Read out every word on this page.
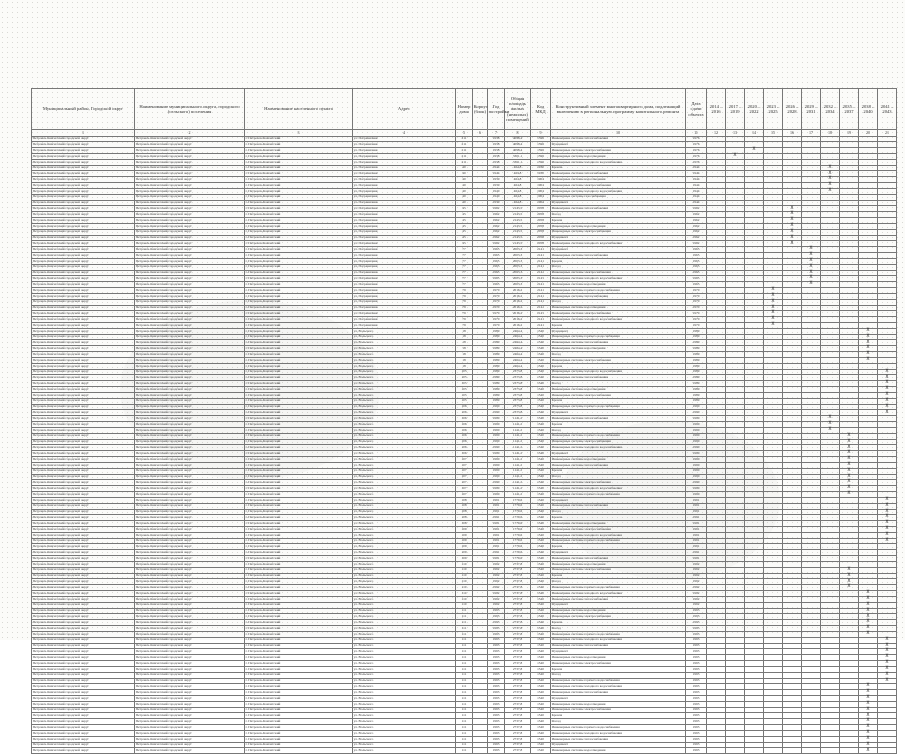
Муниципальный район, Городской округ	Наименование муниципального округа, городского (сельского) поселения	Наименование населенного пункта	Адрес	Номер дома	Корпус (блок)	Год постройки	Общая площадь жилых (нежилых) помещений	Код МКД	Конструктивный элемент многоквартирного дома, подлежащий включению в региональную программу капитального ремонта	Дата сдачи объекта	2014 – 2016	2017 – 2019	2020 – 2022	2023 – 2025	2026 – 2028	2029 – 2031	2032 – 2034	2035 – 2037	2038 – 2040	2041 – 2043
1	2	3	4	5	6	7	8	9	10	11	12	13	14	15	16	17	18	19	20	21
Петровск-Камчатский городской округ	Петровск-Камчатский городской округ	г. Петровск-Камчатский	ул. Пограничная	211		1938	4098,4	1596	Инженерные системы теплоснабжения	1976										
Петровск-Камчатский городской округ	Петровск-Камчатский городской округ	г. Петровск-Камчатский	ул. Пограничная	211		1938	4098,4	1596	Фундамент	1976										
Петровск-Камчатский городской округ	Петровск-Камчатский городской округ	г. Петровск-Камчатский	ул. Пограничная	211		1938	4098,4	1596	Инженерные системы электроснабжения	1976			X							
Петровск-Камчатский городской округ	Петровск-Камчатский городской округ	г. Петровск-Камчатский	ул. Пограничная	211		1938	3301,1	1596	Инженерные системы водоотведения	1976		X								
Петровск-Камчатский городской округ	Петровск-Камчатский городской округ	г. Петровск-Камчатский	ул. Пограничная	211		1938	3301,1	1596	Инженерные системы холодного водоснабжения	1976										
Петровск-Камчатский городской округ	Петровск-Камчатский городской округ	г. Петровск-Камчатский	ул. Пограничная	40		1944	464,8	1930	Кровля	1944							X			
Петровск-Камчатский городской округ	Петровск-Камчатский городской округ	г. Петровск-Камчатский	ул. Пограничная	40		1944	464,8	1930	Инженерные системы теплоснабжения	1944							X			
Петровск-Камчатский городской округ	Петровск-Камчатский городской округ	г. Петровск-Камчатский	ул. Пограничная	40		1939	464,8	1904	Инженерные системы водоотведения	1944							X			
Петровск-Камчатский городской округ	Петровск-Камчатский городской округ	г. Петровск-Камчатский	ул. Пограничная	40		1939	464,8	1904	Инженерные системы электроснабжения	1944							X			
Петровск-Камчатский городской округ	Петровск-Камчатский городской округ	г. Петровск-Камчатский	ул. Пограничная	40		1940	464,8	1904	Инженерные системы холодного водоснабжения	1944							X			
Петровск-Камчатский городской округ	Петровск-Камчатский городской округ	г. Петровск-Камчатский	ул. Пограничная	40		1940	464,8	1904	Инженерные системы газоснабжения	1944										
Петровск-Камчатский городской округ	Петровск-Камчатский городской округ	г. Петровск-Камчатский	ул. Пограничная	40		1939	464,8	1904	Фундамент	1944										
Петровск-Камчатский городской округ	Петровск-Камчатский городской округ	г. Петровск-Камчатский	ул. Пограничная	45		1962	2143,5	2058	Инженерные системы теплоснабжения	1962					X					
Петровск-Камчатский городской округ	Петровск-Камчатский городской округ	г. Петровск-Камчатский	ул. Пограничная	45		1962	2143,5	2058	Фасад	1962					X					
Петровск-Камчатский городской округ	Петровск-Камчатский городской округ	г. Петровск-Камчатский	ул. Пограничная	45		1962	2143,5	2058	Кровля	1962					X					
Петровск-Камчатский городской округ	Петровск-Камчатский городской округ	г. Петровск-Камчатский	ул. Пограничная	45		1962	2143,5	2058	Инженерные системы водоотведения	1962					X					
Петровск-Камчатский городской округ	Петровск-Камчатский городской округ	г. Петровск-Камчатский	ул. Пограничная	45		1962	2143,5	2058	Инженерные системы электроснабжения	1962					X					
Петровск-Камчатский городской округ	Петровск-Камчатский городской округ	г. Петровск-Камчатский	ул. Пограничная	45		1962	2143,5	2058	Фундамент	1962					X					
Петровск-Камчатский городской округ	Петровск-Камчатский городской округ	г. Петровск-Камчатский	ул. Пограничная	45		1962	2143,5	2058	Инженерные системы холодного водоснабжения	1962					X					
Петровск-Камчатский городской округ	Петровск-Камчатский городской округ	г. Петровск-Камчатский	ул. Пограничная	77		1965	2003,3	2141	Фундамент	1965						X				
Петровск-Камчатский городской округ	Петровск-Камчатский городской округ	г. Петровск-Камчатский	ул. Пограничная	77		1965	2003,3	2141	Инженерные системы теплоснабжения	1965						X				
Петровск-Камчатский городской округ	Петровск-Камчатский городской округ	г. Петровск-Камчатский	ул. Пограничная	77		1965	2003,3	2141	Кровля	1965						X				
Петровск-Камчатский городской округ	Петровск-Камчатский городской округ	г. Петровск-Камчатский	ул. Пограничная	77		1965	2003,3	2141	Фасад	1965						X				
Петровск-Камчатский городской округ	Петровск-Камчатский городской округ	г. Петровск-Камчатский	ул. Пограничная	77		1965	2003,3	2141	Инженерные системы электроснабжения	1965						X				
Петровск-Камчатский городской округ	Петровск-Камчатский городской округ	г. Петровск-Камчатский	ул. Пограничная	77		1965	2003,3	2141	Инженерные системы холодного водоснабжения	1965						X				
Петровск-Камчатский городской округ	Петровск-Камчатский городской округ	г. Петровск-Камчатский	ул. Пограничная	77		1965	2003,3	2141	Инженерные системы водоотведения	1965						X				
Петровск-Камчатский городской округ	Петровск-Камчатский городской округ	г. Петровск-Камчатский	ул. Пограничная	79		1970	2016,2	2141	Инженерные системы горячего водоснабжения	1970				X						
Петровск-Камчатский городской округ	Петровск-Камчатский городской округ	г. Петровск-Камчатский	ул. Пограничная	79		1970	2016,2	2141	Инженерные системы теплоснабжения	1970				X						
Петровск-Камчатский городской округ	Петровск-Камчатский городской округ	г. Петровск-Камчатский	ул. Пограничная	79		1970	2016,2	2141	Фасад	1970				X						
Петровск-Камчатский городской округ	Петровск-Камчатский городской округ	г. Петровск-Камчатский	ул. Пограничная	79		1970	2016,2	2141	Инженерные системы водоотведения	1970				X						
Петровск-Камчатский городской округ	Петровск-Камчатский городской округ	г. Петровск-Камчатский	ул. Пограничная	79		1970	2016,2	2141	Инженерные системы электроснабжения	1970				X						
Петровск-Камчатский городской округ	Петровск-Камчатский городской округ	г. Петровск-Камчатский	ул. Пограничная	79		1970	2016,2	2141	Инженерные системы холодного водоснабжения	1970				X						
Петровск-Камчатский городской округ	Петровск-Камчатский городской округ	г. Петровск-Камчатский	ул. Пограничная	79		1970	2016,2	2141	Кровля	1970				X						
Петровск-Камчатский городской округ	Петровск-Камчатский городской округ	г. Петровск-Камчатский	ул. Вольского	18		1989	2464,4	1540	Фундамент	1989									X	
Петровск-Камчатский городской округ	Петровск-Камчатский городской округ	г. Петровск-Камчатский	ул. Вольского	18		1989	2464,4	1540	Инженерные системы горячего водоснабжения	1989									X	
Петровск-Камчатский городской округ	Петровск-Камчатский городской округ	г. Петровск-Камчатский	ул. Вольского	18		1989	2464,4	1540	Инженерные системы теплоснабжения	1989									X	
Петровск-Камчатский городской округ	Петровск-Камчатский городской округ	г. Петровск-Камчатский	ул. Вольского	18		1989	2464,4	1540	Инженерные системы водоотведения	1989									X	
Петровск-Камчатский городской округ	Петровск-Камчатский городской округ	г. Петровск-Камчатский	ул. Вольского	18		1989	2464,4	1540	Фасад	1989									X	
Петровск-Камчатский городской округ	Петровск-Камчатский городской округ	г. Петровск-Камчатский	ул. Вольского	18		1989	2464,4	1540	Инженерные системы электроснабжения	1989									X	
Петровск-Камчатский городской округ	Петровск-Камчатский городской округ	г. Петровск-Камчатский	ул. Вольского	18		1989	2464,4	1540	Кровля	1989										
Петровск-Камчатский городской округ	Петровск-Камчатский городской округ	г. Петровск-Камчатский	ул. Вольского	105		1989	2373,8	1540	Инженерные системы холодного водоснабжения	1989										X
Петровск-Камчатский городской округ	Петровск-Камчатский городской округ	г. Петровск-Камчатский	ул. Вольского	105		1989	2373,8	1540	Инженерные системы теплоснабжения	1989										X
Петровск-Камчатский городской округ	Петровск-Камчатский городской округ	г. Петровск-Камчатский	ул. Вольского	105		1989	2373,8	1540	Фасад	1989										X
Петровск-Камчатский городской округ	Петровск-Камчатский городской округ	г. Петровск-Камчатский	ул. Вольского	105		1989	2373,8	1540	Инженерные системы водоотведения	1989										X
Петровск-Камчатский городской округ	Петровск-Камчатский городской округ	г. Петровск-Камчатский	ул. Вольского	105		1989	2373,8	1540	Инженерные системы электроснабжения	1989										X
Петровск-Камчатский городской округ	Петровск-Камчатский городской округ	г. Петровск-Камчатский	ул. Вольского	105		1989	2373,8	1540	Кровля	1989										X
Петровск-Камчатский городской округ	Петровск-Камчатский городской округ	г. Петровск-Камчатский	ул. Вольского	106		1990	2373,8	1540	Инженерные системы горячего водоснабжения	1990										X
Петровск-Камчатский городской округ	Петровск-Камчатский городской округ	г. Петровск-Камчатский	ул. Вольского	106		1990	2373,8	1540	Фундамент	1990										X
Петровск-Камчатский городской округ	Петровск-Камчатский городской округ	г. Петровск-Камчатский	ул. Вольского	106		1990	1141,2	1540	Инженерные системы теплоснабжения	1990							X			
Петровск-Камчатский городской округ	Петровск-Камчатский городской округ	г. Петровск-Камчатский	ул. Вольского	106		1990	1141,2	1540	Кровля	1990							X			
Петровск-Камчатский городской округ	Петровск-Камчатский городской округ	г. Петровск-Камчатский	ул. Вольского	106		1990	1141,2	1540	Фасад	1990							X			
Петровск-Камчатский городской округ	Петровск-Камчатский городской округ	г. Петровск-Камчатский	ул. Вольского	106		1990	1141,2	1540	Инженерные системы горячего водоснабжения	1990								X		
Петровск-Камчатский городской округ	Петровск-Камчатский городской округ	г. Петровск-Камчатский	ул. Вольского	106		1990	1141,2	1540	Инженерные системы электроснабжения	1990								X		
Петровск-Камчатский городской округ	Петровск-Камчатский городской округ	г. Петровск-Камчатский	ул. Вольского	106		1990	1141,2	1540	Инженерные системы холодного водоснабжения	1990								X		
Петровск-Камчатский городской округ	Петровск-Камчатский городской округ	г. Петровск-Камчатский	ул. Вольского	106		1990	1141,2	1540	Фундамент	1990								X		
Петровск-Камчатский городской округ	Петровск-Камчатский городской округ	г. Петровск-Камчатский	ул. Вольского	107		1990	1141,2	1540	Инженерные системы водоотведения	1990								X		
Петровск-Камчатский городской округ	Петровск-Камчатский городской округ	г. Петровск-Камчатский	ул. Вольского	107		1990	1141,2	1540	Инженерные системы теплоснабжения	1990								X		
Петровск-Камчатский городской округ	Петровск-Камчатский городской округ	г. Петровск-Камчатский	ул. Вольского	107		1990	1141,2	1540	Кровля	1990								X		
Петровск-Камчатский городской округ	Петровск-Камчатский городской округ	г. Петровск-Камчатский	ул. Вольского	107		1990	1141,2	1540	Фасад	1990								X		
Петровск-Камчатский городской округ	Петровск-Камчатский городской округ	г. Петровск-Камчатский	ул. Вольского	107		1990	1141,2	1540	Инженерные системы электроснабжения	1990								X		
Петровск-Камчатский городской округ	Петровск-Камчатский городской округ	г. Петровск-Камчатский	ул. Вольского	107		1990	1141,2	1540	Инженерные системы холодного водоснабжения	1990								X		
Петровск-Камчатский городской округ	Петровск-Камчатский городской округ	г. Петровск-Камчатский	ул. Вольского	107		1990	1141,2	1540	Инженерные системы горячего водоснабжения	1990								X		
Петровск-Камчатский городской округ	Петровск-Камчатский городской округ	г. Петровск-Камчатский	ул. Вольского	108		1991	1779,6	1540	Фундамент	1991										X
Петровск-Камчатский городской округ	Петровск-Камчатский городской округ	г. Петровск-Камчатский	ул. Вольского	108		1991	1779,6	1540	Инженерные системы теплоснабжения	1991										X
Петровск-Камчатский городской округ	Петровск-Камчатский городской округ	г. Петровск-Камчатский	ул. Вольского	108		1991	1779,6	1540	Фасад	1991										X
Петровск-Камчатский городской округ	Петровск-Камчатский городской округ	г. Петровск-Камчатский	ул. Вольского	108		1991	1779,6	1540	Кровля	1991										X
Петровск-Камчатский городской округ	Петровск-Камчатский городской округ	г. Петровск-Камчатский	ул. Вольского	108		1991	1779,6	1540	Инженерные системы водоотведения	1991										X
Петровск-Камчатский городской округ	Петровск-Камчатский городской округ	г. Петровск-Камчатский	ул. Вольского	109		1991	1779,6	1540	Инженерные системы электроснабжения	1991										X
Петровск-Камчатский городской округ	Петровск-Камчатский городской округ	г. Петровск-Камчатский	ул. Вольского	109		1991	1779,6	1540	Инженерные системы холодного водоснабжения	1991										X
Петровск-Камчатский городской округ	Петровск-Камчатский городской округ	г. Петровск-Камчатский	ул. Вольского	109		1991	1779,6	1540	Инженерные системы горячего водоснабжения	1991										X
Петровск-Камчатский городской округ	Петровск-Камчатский городской округ	г. Петровск-Камчатский	ул. Вольского	109		1991	1779,6	1540	Кровля	1991										
Петровск-Камчатский городской округ	Петровск-Камчатский городской округ	г. Петровск-Камчатский	ул. Вольского	109		1991	1779,6	1540	Фундамент	1991										
Петровск-Камчатский городской округ	Петровск-Камчатский городской округ	г. Петровск-Камчатский	ул. Вольского	109		1991	1779,6	1540	Инженерные системы теплоснабжения	1991										
Петровск-Камчатский городской округ	Петровск-Камчатский городской округ	г. Петровск-Камчатский	ул. Вольского	110		1992	2737,8	1540	Инженерные системы водоотведения	1992										
Петровск-Камчатский городской округ	Петровск-Камчатский городской округ	г. Петровск-Камчатский	ул. Вольского	110		1992	2737,8	1540	Инженерные системы электроснабжения	1992								X		
Петровск-Камчатский городской округ	Петровск-Камчатский городской округ	г. Петровск-Камчатский	ул. Вольского	110		1992	2737,8	1540	Кровля	1992								X		
Петровск-Камчатский городской округ	Петровск-Камчатский городской округ	г. Петровск-Камчатский	ул. Вольского	110		1992	2737,8	1540	Фасад	1992								X		
Петровск-Камчатский городской округ	Петровск-Камчатский городской округ	г. Петровск-Камчатский	ул. Вольского	110		1992	2737,8	1540	Инженерные системы горячего водоснабжения	1992								X		
Петровск-Камчатский городской округ	Петровск-Камчатский городской округ	г. Петровск-Камчатский	ул. Вольского	110		1992	2737,8	1540	Инженерные системы холодного водоснабжения	1992									X	
Петровск-Камчатский городской округ	Петровск-Камчатский городской округ	г. Петровск-Камчатский	ул. Вольского	110		1992	2737,8	1540	Инженерные системы теплоснабжения	1992									X	
Петровск-Камчатский городской округ	Петровск-Камчатский городской округ	г. Петровск-Камчатский	ул. Вольского	110		1992	2737,8	1540	Фундамент	1992									X	
Петровск-Камчатский городской округ	Петровск-Камчатский городской округ	г. Петровск-Камчатский	ул. Вольского	111		1993	2737,8	1540	Инженерные системы водоотведения	1993									X	
Петровск-Камчатский городской округ	Петровск-Камчатский городской округ	г. Петровск-Камчатский	ул. Вольского	111		1993	2737,8	1540	Инженерные системы электроснабжения	1993									X	
Петровск-Камчатский городской округ	Петровск-Камчатский городской округ	г. Петровск-Камчатский	ул. Вольского	111		1993	2737,8	1540	Кровля	1993									X	
Петровск-Камчатский городской округ	Петровск-Камчатский городской округ	г. Петровск-Камчатский	ул. Вольского	111		1993	2737,8	1540	Фасад	1993									X	
Петровск-Камчатский городской округ	Петровск-Камчатский городской округ	г. Петровск-Камчатский	ул. Вольского	111		1993	2737,8	1540	Инженерные системы горячего водоснабжения	1993									X	
Петровск-Камчатский городской округ	Петровск-Камчатский городской округ	г. Петровск-Камчатский	ул. Вольского	111		1993	2737,8	1540	Инженерные системы холодного водоснабжения	1993										X
Петровск-Камчатский городской округ	Петровск-Камчатский городской округ	г. Петровск-Камчатский	ул. Вольского	111		1993	2737,8	1540	Инженерные системы теплоснабжения	1993										X
Петровск-Камчатский городской округ	Петровск-Камчатский городской округ	г. Петровск-Камчатский	ул. Вольского	111		1993	2737,8	1540	Фундамент	1993										X
Петровск-Камчатский городской округ	Петровск-Камчатский городской округ	г. Петровск-Камчатский	ул. Вольского	111		1993	2737,8	1540	Инженерные системы водоотведения	1993										X
Петровск-Камчатский городской округ	Петровск-Камчатский городской округ	г. Петровск-Камчатский	ул. Вольского	111		1993	2737,8	1540	Инженерные системы электроснабжения	1993										X
Петровск-Камчатский городской округ	Петровск-Камчатский городской округ	г. Петровск-Камчатский	ул. Вольского	111		1993	2737,8	1540	Кровля	1993										X
Петровск-Камчатский городской округ	Петровск-Камчатский городской округ	г. Петровск-Камчатский	ул. Вольского	111		1993	2737,8	1540	Фасад	1993										X
Петровск-Камчатский городской округ	Петровск-Камчатский городской округ	г. Петровск-Камчатский	ул. Вольского	111		1993	2737,8	1540	Инженерные системы горячего водоснабжения	1993										X
Петровск-Камчатский городской округ	Петровск-Камчатский городской округ	г. Петровск-Камчатский	ул. Вольского	111		1993	2737,8	1540	Инженерные системы холодного водоснабжения	1993									X	
Петровск-Камчатский городской округ	Петровск-Камчатский городской округ	г. Петровск-Камчатский	ул. Вольского	111		1993	2737,8	1540	Инженерные системы теплоснабжения	1993									X	
Петровск-Камчатский городской округ	Петровск-Камчатский городской округ	г. Петровск-Камчатский	ул. Вольского	111		1993	2737,8	1540	Фундамент	1993									X	
Петровск-Камчатский городской округ	Петровск-Камчатский городской округ	г. Петровск-Камчатский	ул. Вольского	111		1993	2737,8	1540	Инженерные системы водоотведения	1993									X	
Петровск-Камчатский городской округ	Петровск-Камчатский городской округ	г. Петровск-Камчатский	ул. Вольского	111		1993	2737,8	1540	Инженерные системы электроснабжения	1993									X	
Петровск-Камчатский городской округ	Петровск-Камчатский городской округ	г. Петровск-Камчатский	ул. Вольского	111		1993	2737,8	1540	Кровля	1993									X	
Петровск-Камчатский городской округ	Петровск-Камчатский городской округ	г. Петровск-Камчатский	ул. Вольского	111		1993	2737,8	1540	Фасад	1993									X	
Петровск-Камчатский городской округ	Петровск-Камчатский городской округ	г. Петровск-Камчатский	ул. Вольского	111		1993	2737,8	1540	Инженерные системы горячего водоснабжения	1993									X	
Петровск-Камчатский городской округ	Петровск-Камчатский городской округ	г. Петровск-Камчатский	ул. Вольского	111		1993	2737,8	1540	Инженерные системы холодного водоснабжения	1993									X	
Петровск-Камчатский городской округ	Петровск-Камчатский городской округ	г. Петровск-Камчатский	ул. Вольского	111		1993	2737,8	1540	Инженерные системы теплоснабжения	1993									X	
Петровск-Камчатский городской округ	Петровск-Камчатский городской округ	г. Петровск-Камчатский	ул. Вольского	111		1993	2737,8	1540	Фундамент	1993									X	
Петровск-Камчатский городской округ	Петровск-Камчатский городской округ	г. Петровск-Камчатский	ул. Вольского	111		1993	2737,8	1540	Инженерные системы водоотведения	1993									X	
